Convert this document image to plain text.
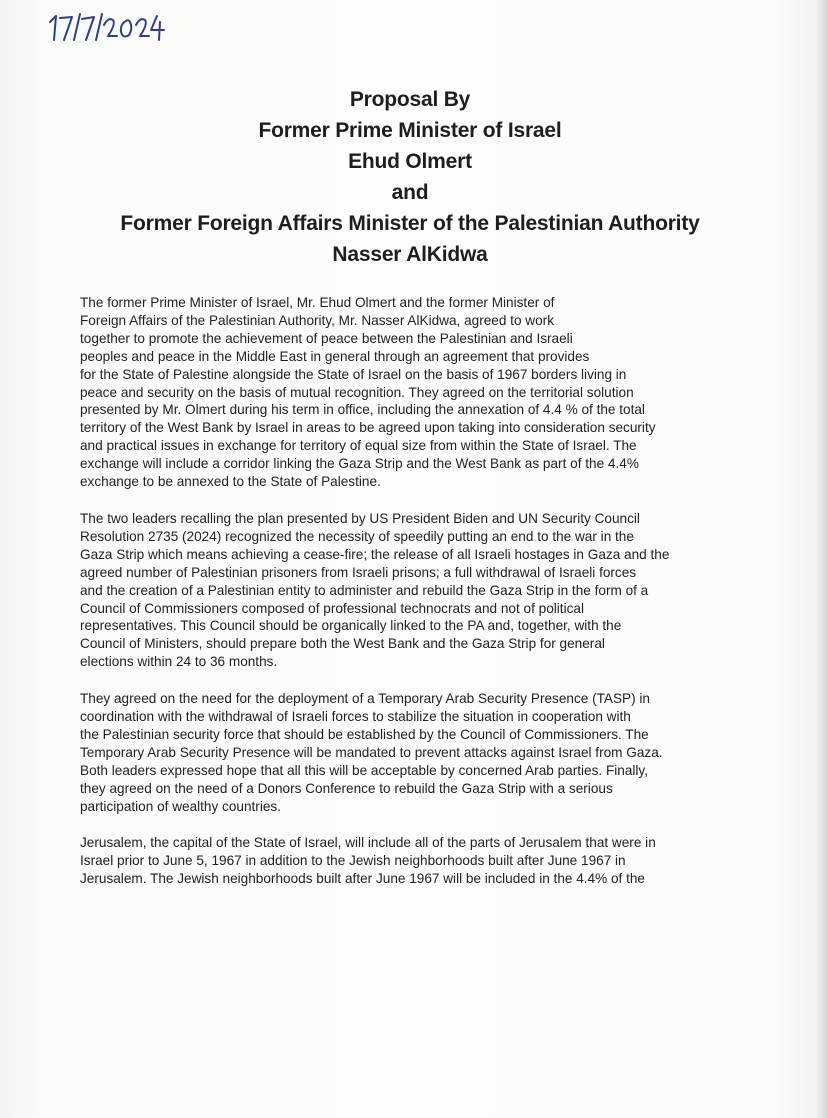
Proposal By
Former Prime Minister of Israel
Ehud Olmert
and
Former Foreign Affairs Minister of the Palestinian Authority
Nasser AlKidwa

The former Prime Minister of Israel, Mr. Ehud Olmert and the former Minister of
Foreign Affairs of the Palestinian Authority, Mr. Nasser AlKidwa, agreed to work
together to promote the achievement of peace between the Palestinian and Israeli
peoples and peace in the Middle East in general through an agreement that provides
for the State of Palestine alongside the State of Israel on the basis of 1967 borders living in
peace and security on the basis of mutual recognition. They agreed on the territorial solution
presented by Mr. Olmert during his term in office, including the annexation of 4.4 % of the total
territory of the West Bank by Israel in areas to be agreed upon taking into consideration security
and practical issues in exchange for territory of equal size from within the State of Israel. The
exchange will include a corridor linking the Gaza Strip and the West Bank as part of the 4.4%
exchange to be annexed to the State of Palestine.

The two leaders recalling the plan presented by US President Biden and UN Security Council
Resolution 2735 (2024) recognized the necessity of speedily putting an end to the war in the
Gaza Strip which means achieving a cease-fire; the release of all Israeli hostages in Gaza and the
agreed number of Palestinian prisoners from Israeli prisons; a full withdrawal of Israeli forces
and the creation of a Palestinian entity to administer and rebuild the Gaza Strip in the form of a
Council of Commissioners composed of professional technocrats and not of political
representatives. This Council should be organically linked to the PA and, together, with the
Council of Ministers, should prepare both the West Bank and the Gaza Strip for general
elections within 24 to 36 months.

They agreed on the need for the deployment of a Temporary Arab Security Presence (TASP) in
coordination with the withdrawal of Israeli forces to stabilize the situation in cooperation with
the Palestinian security force that should be established by the Council of Commissioners. The
Temporary Arab Security Presence will be mandated to prevent attacks against Israel from Gaza.
Both leaders expressed hope that all this will be acceptable by concerned Arab parties. Finally,
they agreed on the need of a Donors Conference to rebuild the Gaza Strip with a serious
participation of wealthy countries.

Jerusalem, the capital of the State of Israel, will include all of the parts of Jerusalem that were in
Israel prior to June 5, 1967 in addition to the Jewish neighborhoods built after June 1967 in
Jerusalem. The Jewish neighborhoods built after June 1967 will be included in the 4.4% of the
